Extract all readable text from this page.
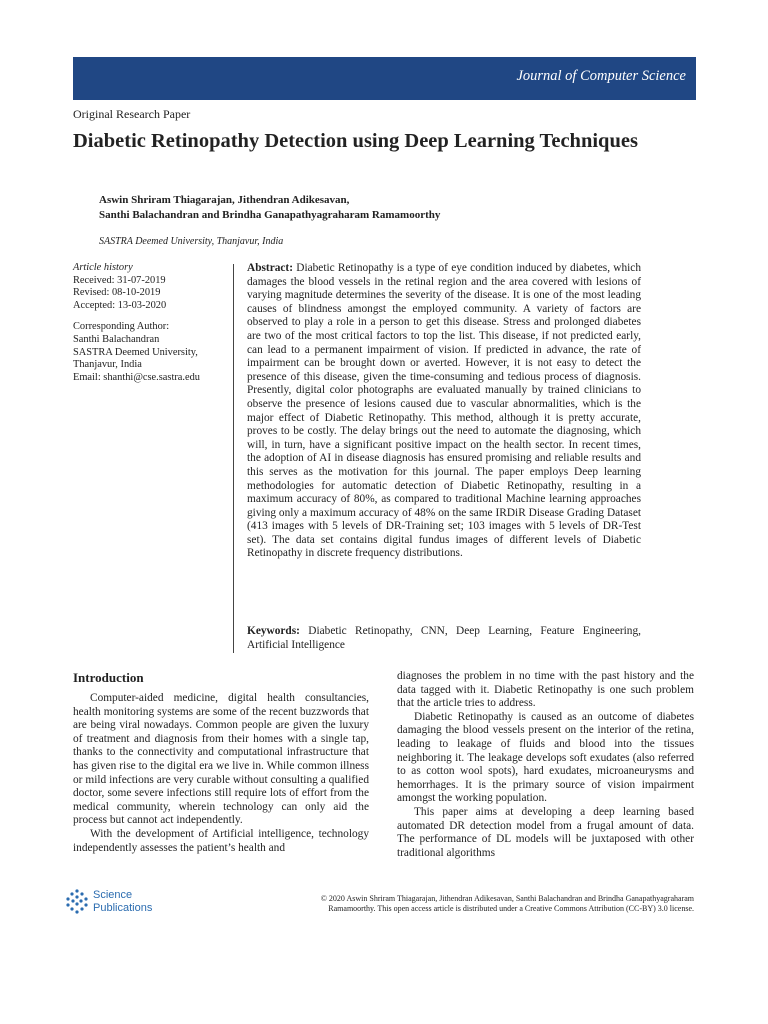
Journal of Computer Science
Original Research Paper
Diabetic Retinopathy Detection using Deep Learning Techniques
Aswin Shriram Thiagarajan, Jithendran Adikesavan,
Santhi Balachandran and Brindha Ganapathyagraharam Ramamoorthy
SASTRA Deemed University, Thanjavur, India
Article history
Received: 31-07-2019
Revised: 08-10-2019
Accepted: 13-03-2020
Corresponding Author:
Santhi Balachandran
SASTRA Deemed University,
Thanjavur, India
Email: shanthi@cse.sastra.edu
Abstract: Diabetic Retinopathy is a type of eye condition induced by diabetes, which damages the blood vessels in the retinal region and the area covered with lesions of varying magnitude determines the severity of the disease. It is one of the most leading causes of blindness amongst the employed community. A variety of factors are observed to play a role in a person to get this disease. Stress and prolonged diabetes are two of the most critical factors to top the list. This disease, if not predicted early, can lead to a permanent impairment of vision. If predicted in advance, the rate of impairment can be brought down or averted. However, it is not easy to detect the presence of this disease, given the time-consuming and tedious process of diagnosis. Presently, digital color photographs are evaluated manually by trained clinicians to observe the presence of lesions caused due to vascular abnormalities, which is the major effect of Diabetic Retinopathy. This method, although it is pretty accurate, proves to be costly. The delay brings out the need to automate the diagnosing, which will, in turn, have a significant positive impact on the health sector. In recent times, the adoption of AI in disease diagnosis has ensured promising and reliable results and this serves as the motivation for this journal. The paper employs Deep learning methodologies for automatic detection of Diabetic Retinopathy, resulting in a maximum accuracy of 80%, as compared to traditional Machine learning approaches giving only a maximum accuracy of 48% on the same IRDiR Disease Grading Dataset (413 images with 5 levels of DR-Training set; 103 images with 5 levels of DR-Test set). The data set contains digital fundus images of different levels of Diabetic Retinopathy in discrete frequency distributions.
Keywords: Diabetic Retinopathy, CNN, Deep Learning, Feature Engineering, Artificial Intelligence
Introduction

Computer-aided medicine, digital health consultancies, health monitoring systems are some of the recent buzzwords that are being viral nowadays. Common people are given the luxury of treatment and diagnosis from their homes with a single tap, thanks to the connectivity and computational infrastructure that has given rise to the digital era we live in. While common illness or mild infections are very curable without consulting a qualified doctor, some severe infections still require lots of effort from the medical community, wherein technology can only aid the process but cannot act independently.

With the development of Artificial intelligence, technology independently assesses the patient’s health and

diagnoses the problem in no time with the past history and the data tagged with it. Diabetic Retinopathy is one such problem that the article tries to address.

Diabetic Retinopathy is caused as an outcome of diabetes damaging the blood vessels present on the interior of the retina, leading to leakage of fluids and blood into the tissues neighboring it. The leakage develops soft exudates (also referred to as cotton wool spots), hard exudates, microaneurysms and hemorrhages. It is the primary source of vision impairment amongst the working population.

This paper aims at developing a deep learning based automated DR detection model from a frugal amount of data. The performance of DL models will be juxtaposed with other traditional algorithms

Science
Publications
© 2020 Aswin Shriram Thiagarajan, Jithendran Adikesavan, Santhi Balachandran and Brindha Ganapathyagraharam
Ramamoorthy. This open access article is distributed under a Creative Commons Attribution (CC-BY) 3.0 license.
